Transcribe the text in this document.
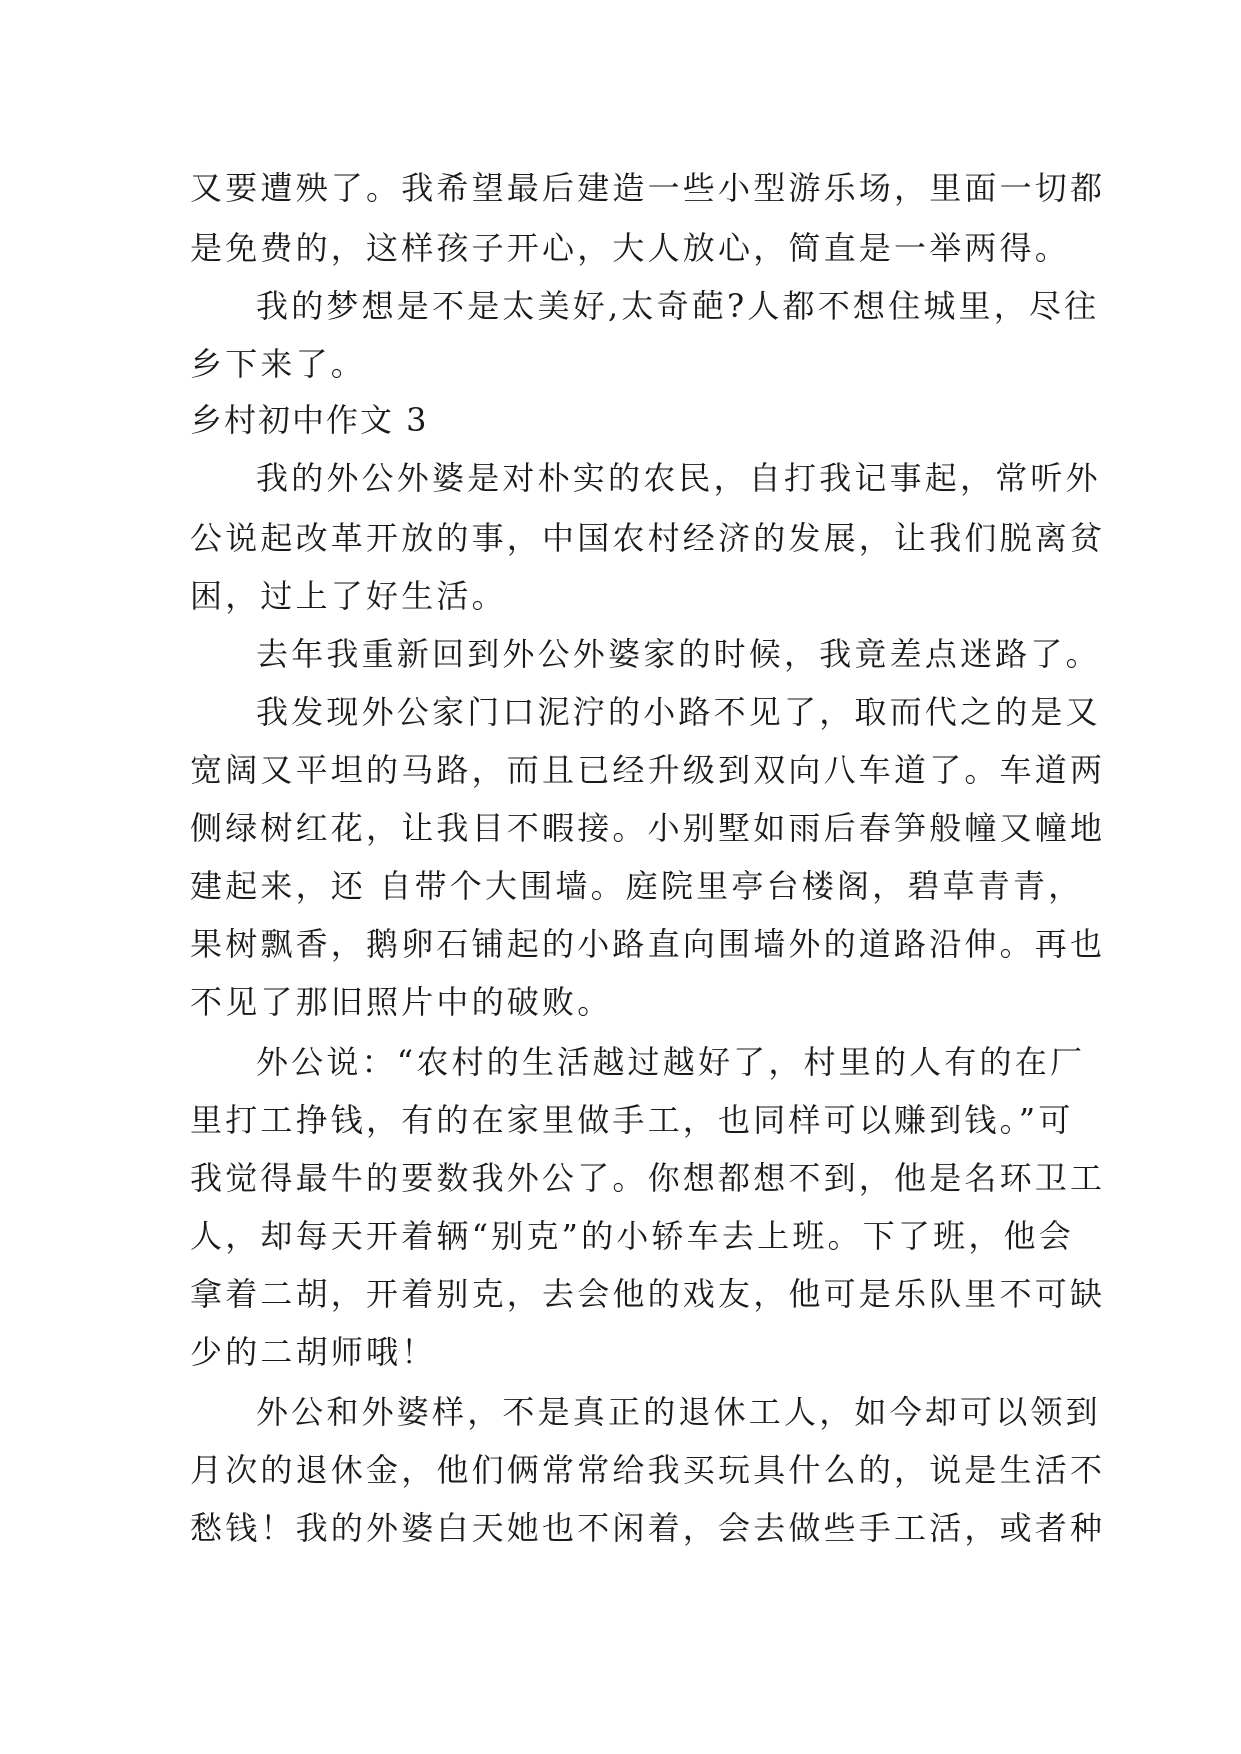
又要遭殃了。我希望最后建造一些小型游乐场，里面一切都

是免费的，这样孩子开心，大人放心，简直是一举两得。

我的梦想是不是太美好,太奇葩?人都不想住城里，尽往

乡下来了。

乡村初中作文 3

我的外公外婆是对朴实的农民，自打我记事起，常听外

公说起改革开放的事，中国农村经济的发展，让我们脱离贫

困，过上了好生活。

去年我重新回到外公外婆家的时候，我竟差点迷路了。

我发现外公家门口泥泞的小路不见了，取而代之的是又

宽阔又平坦的马路，而且已经升级到双向八车道了。车道两

侧绿树红花，让我目不暇接。小别墅如雨后春笋般幢又幢地

建起来，还 自带个大围墙。庭院里亭台楼阁，碧草青青，

果树飘香，鹅卵石铺起的小路直向围墙外的道路沿伸。再也

不见了那旧照片中的破败。

外公说：“农村的生活越过越好了，村里的人有的在厂

里打工挣钱，有的在家里做手工，也同样可以赚到钱。”可

我觉得最牛的要数我外公了。你想都想不到，他是名环卫工

人，却每天开着辆“别克”的小轿车去上班。下了班，他会

拿着二胡，开着别克，去会他的戏友，他可是乐队里不可缺

少的二胡师哦！

外公和外婆样，不是真正的退休工人，如今却可以领到

月次的退休金，他们俩常常给我买玩具什么的，说是生活不

愁钱！我的外婆白天她也不闲着，会去做些手工活，或者种
